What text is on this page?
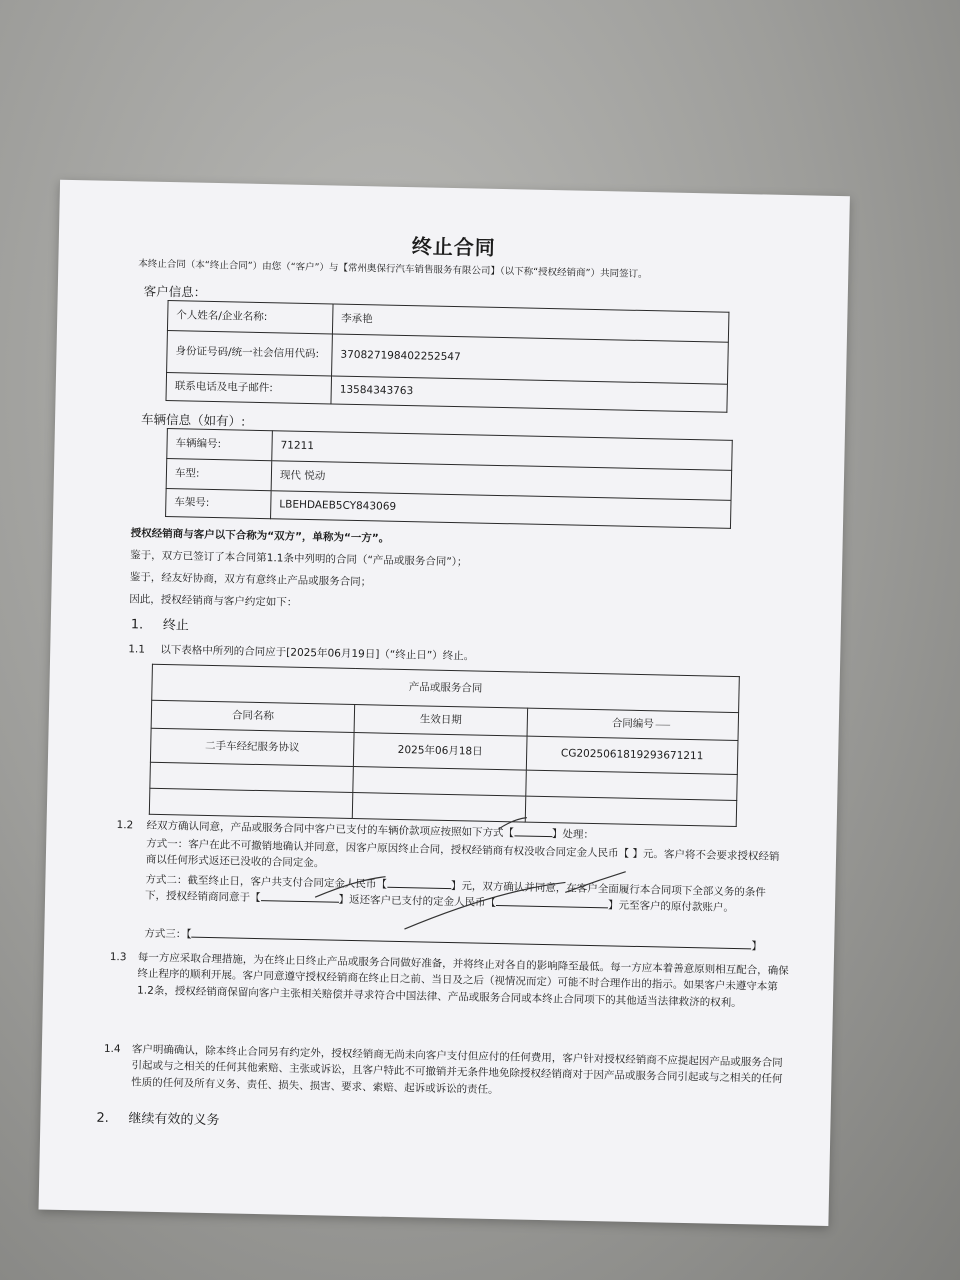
终止合同
本终止合同（本“终止合同”）由您（“客户”）与【常州奥保行汽车销售服务有限公司】（以下称“授权经销商”）共同签订。
客户信息：
个人姓名/企业名称:	李承艳
身份证号码/统一社会信用代码:	370827198402252547
联系电话及电子邮件:	13584343763
车辆信息（如有）:
车辆编号:	71211
车型:	现代 悦动
车架号:	LBEHDAEB5CY843069
授权经销商与客户以下合称为“双方”，单称为“一方”。
鉴于，双方已签订了本合同第1.1条中列明的合同（“产品或服务合同”）；
鉴于，经友好协商，双方有意终止产品或服务合同；
因此，授权经销商与客户约定如下：
1. 终止
1.1 以下表格中所列的合同应于[2025年06月19日]（“终止日”）终止。
产品或服务合同		
合同名称	生效日期	合同编号
二手车经纪服务协议	2025年06月18日	CG2025061819293671211

1.2 经双方确认同意，产品或服务合同中客户已支付的车辆价款项应按照如下方式【	】处理：
方式一：客户在此不可撤销地确认并同意，因客户原因终止合同，授权经销商有权没收合同定金人民币【 】元。客户将不会要求授权经销商以任何形式返还已没收的合同定金。
方式二：截至终止日，客户共支付合同定金人民币【	】元，双方确认并同意，在客户全面履行本合同项下全部义务的条件下，授权经销商同意于【	】返还客户已支付的定金人民币【	】元至客户的原付款账户。
方式三：【】
1.3 每一方应采取合理措施，为在终止日终止产品或服务合同做好准备，并将终止对各自的影响降至最低。每一方应本着善意原则相互配合，确保终止程序的顺利开展。客户同意遵守授权经销商在终止日之前、当日及之后（视情况而定）可能不时合理作出的指示。如果客户未遵守本第1.2条，授权经销商保留向客户主张相关赔偿并寻求符合中国法律、产品或服务合同或本终止合同项下的其他适当法律救济的权利。
1.4 客户明确确认，除本终止合同另有约定外，授权经销商无尚未向客户支付但应付的任何费用，客户针对授权经销商不应提起因产品或服务合同引起或与之相关的任何其他索赔、主张或诉讼，且客户特此不可撤销并无条件地免除授权经销商对于因产品或服务合同引起或与之相关的任何性质的任何及所有义务、责任、损失、损害、要求、索赔、起诉或诉讼的责任。
2. 继续有效的义务
—
